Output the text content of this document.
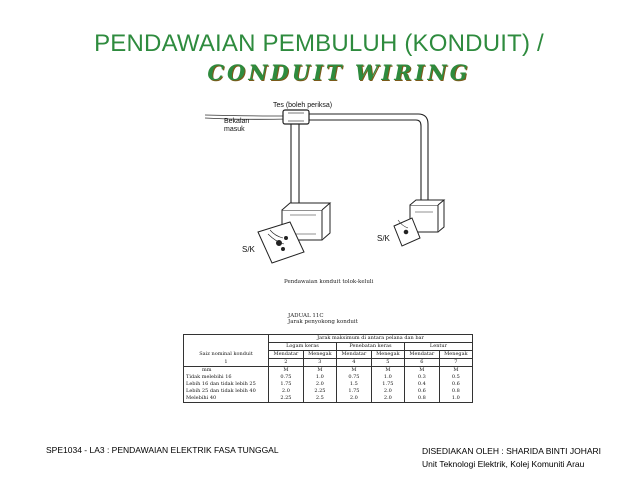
PENDAWAIAN PEMBULUH (KONDUIT) /
CONDUIT WIRING
Bekalan
masuk
Tes (boleh periksa)
S/K
S/K
Pendawaian konduit tolok-keluli
JADUAL 11C
Jarak penyokong konduit
	Jarak maksimum di antara pelana dan bar					
	Logam keras		Penebatan keras		Lentur	
Saiz nominal konduit	Mendatar	Menegak	Mendatar	Menegak	Mendatar	Menegak
1	2	3	4	5	6	7
mm	M	M	M	M	M	M
Tidak melebihi 16	0.75	1.0	0.75	1.0	0.3	0.5
Lebih 16 dan tidak lebih 25	1.75	2.0	1.5	1.75	0.4	0.6
Lebih 25 dan tidak lebih 40	2.0	2.25	1.75	2.0	0.6	0.8
Melebihi 40	2.25	2.5	2.0	2.0	0.8	1.0
SPE1034 - LA3 : PENDAWAIAN ELEKTRIK FASA TUNGGAL	DISEDIAKAN OLEH : SHARIDA BINTI JOHARI
Unit Teknologi Elektrik, Kolej Komuniti Arau
